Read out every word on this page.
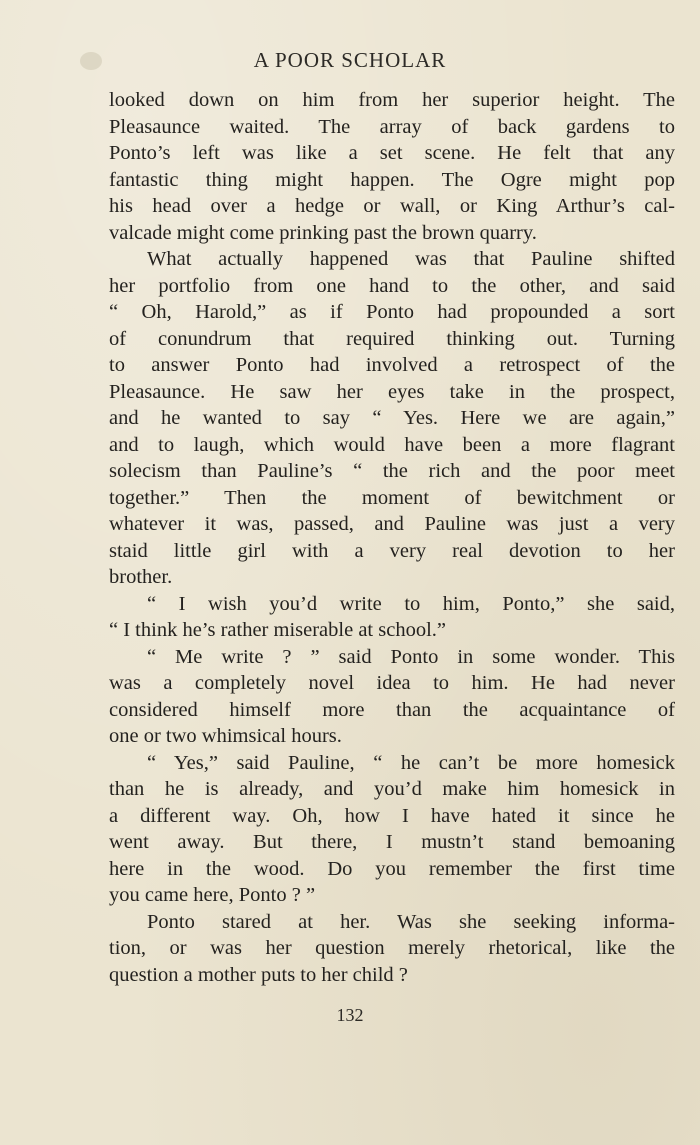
A POOR SCHOLAR
looked down on him from her superior height. The
Pleasaunce waited. The array of back gardens to
Ponto’s left was like a set scene. He felt that any
fantastic thing might happen. The Ogre might pop
his head over a hedge or wall, or King Arthur’s cal-
valcade might come prinking past the brown quarry.
What actually happened was that Pauline shifted
her portfolio from one hand to the other, and said
“ Oh, Harold,” as if Ponto had propounded a sort
of conundrum that required thinking out. Turning
to answer Ponto had involved a retrospect of the
Pleasaunce. He saw her eyes take in the prospect,
and he wanted to say “ Yes. Here we are again,”
and to laugh, which would have been a more flagrant
solecism than Pauline’s “ the rich and the poor meet
together.” Then the moment of bewitchment or
whatever it was, passed, and Pauline was just a very
staid little girl with a very real devotion to her
brother.
“ I wish you’d write to him, Ponto,” she said,
“ I think he’s rather miserable at school.”
“ Me write ? ” said Ponto in some wonder. This
was a completely novel idea to him. He had never
considered himself more than the acquaintance of
one or two whimsical hours.
“ Yes,” said Pauline, “ he can’t be more homesick
than he is already, and you’d make him homesick in
a different way. Oh, how I have hated it since he
went away. But there, I mustn’t stand bemoaning
here in the wood. Do you remember the first time
you came here, Ponto ? ”
Ponto stared at her. Was she seeking informa-
tion, or was her question merely rhetorical, like the
question a mother puts to her child ?
132
